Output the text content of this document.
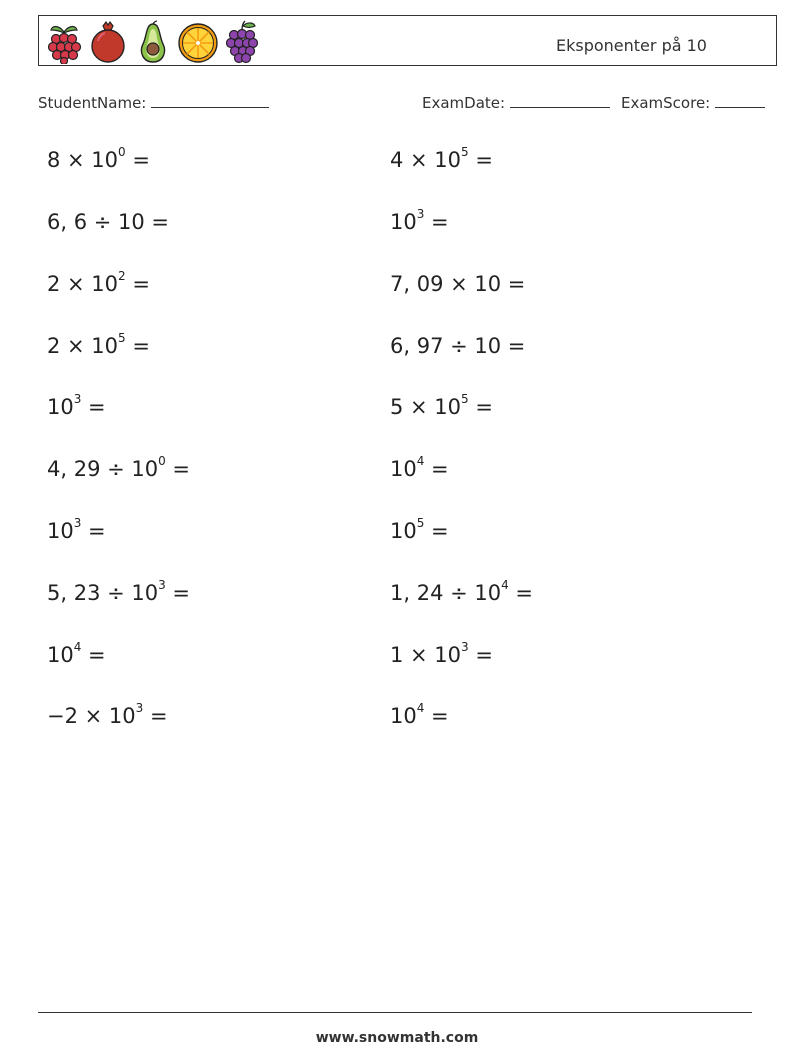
Eksponenter på 10
StudentName:	ExamDate:	ExamScore:
$8 \times 10^0$ =
6, 6 ÷ 10 =
$2 \times 10^2$ =
$2 \times 10^5$ =
$10^3$ =
4, $29 \div 10^0$ =
$10^3$ =
5, $23 \div 10^3$ =
$10^4$ =
$-2 \times 10^3$ =
$4 \times 10^5$ =
$10^3$ =
7, 09 × 10 =
6, 97 ÷ 10 =
$5 \times 10^5$ =
$10^4$ =
$10^5$ =
1, $24 \div 10^4$ =
$1 \times 10^3$ =
$10^4$ =
www.snowmath.com
